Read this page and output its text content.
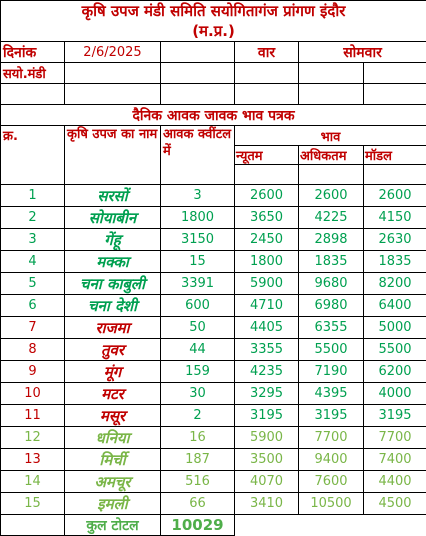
कृषि उपज मंडी समिति सयोगितागंज प्रांगण इंदौर
(म.प्र.)					

दिनांक	2/6/2025		वार	सोमवार	
सयो.मंडी					

दैनिक आवक जावक भाव पत्रक					
क्र.	कृषि उपज का नाम	आवक क्वींटल में	भाव		
			न्यूतम	अधिकतम	मॉडल

1	सरसों	3	2600	2600	2600
2	सोयाबीन	1800	3650	4225	4150
3	गेंहू	3150	2450	2898	2630
4	मक्का	15	1800	1835	1835
5	चना काबुली	3391	5900	9680	8200
6	चना देशी	600	4710	6980	6400
7	राजमा	50	4405	6355	5000
8	तुवर	44	3355	5500	5500
9	मूंग	159	4235	7190	6200
10	मटर	30	3295	4395	4000
11	मसूर	2	3195	3195	3195
12	धनिया	16	5900	7700	7700
13	मिर्ची	187	3500	9400	7400
14	अमचूर	516	4070	7600	4400
15	इमली	66	3410	10500	4500
	कुल टोटल	10029			
